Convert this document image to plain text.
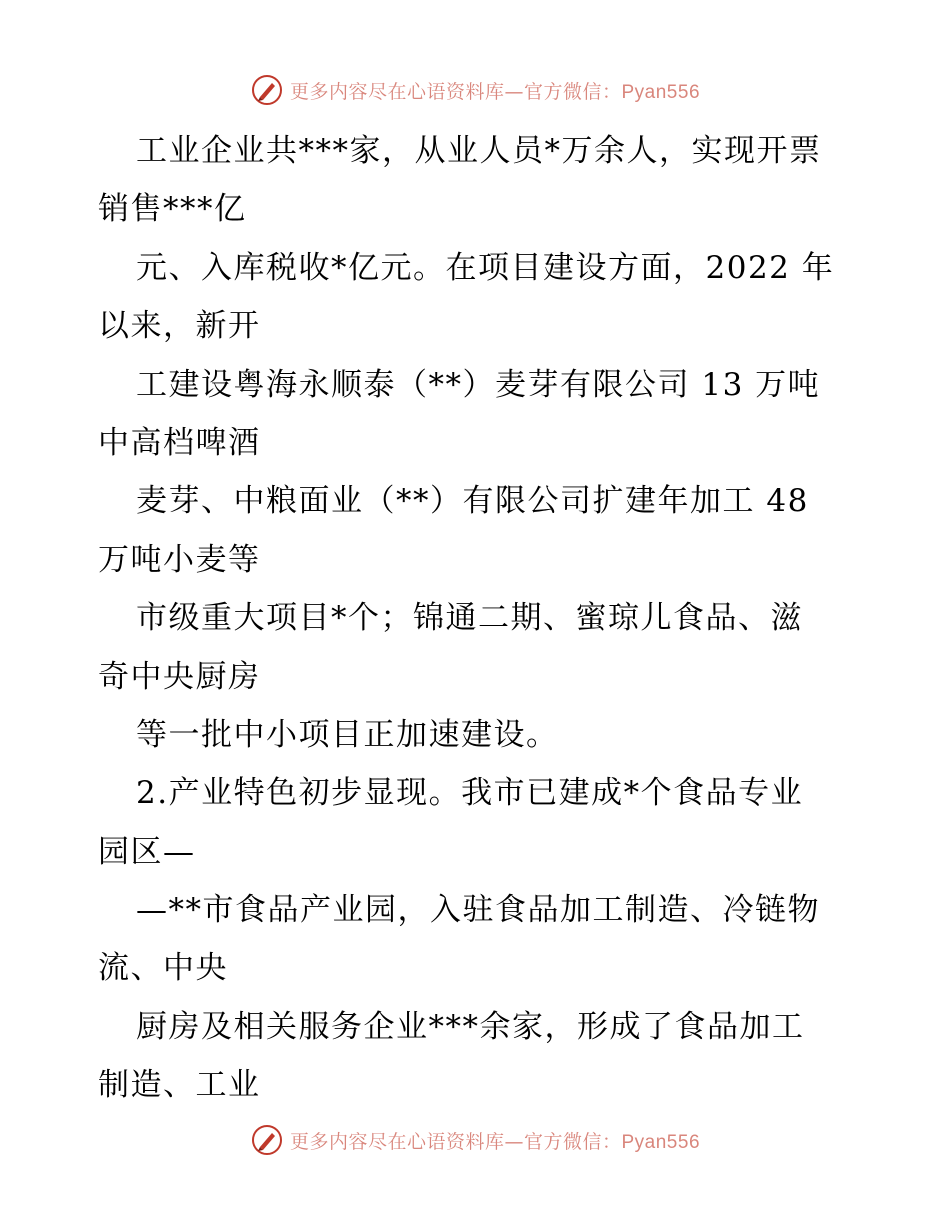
更多内容尽在心语资料库—官方微信：Pyan556
工业企业共***家，从业人员*万余人，实现开票
销售***亿
元、入库税收*亿元。在项目建设方面，2022 年
以来，新开
工建设粤海永顺泰（**）麦芽有限公司 13 万吨
中高档啤酒
麦芽、中粮面业（**）有限公司扩建年加工 48
万吨小麦等
市级重大项目*个；锦通二期、蜜琼儿食品、滋
奇中央厨房
等一批中小项目正加速建设。
2.产业特色初步显现。我市已建成*个食品专业
园区—
—**市食品产业园，入驻食品加工制造、冷链物
流、中央
厨房及相关服务企业***余家，形成了食品加工
制造、工业
更多内容尽在心语资料库—官方微信：Pyan556
